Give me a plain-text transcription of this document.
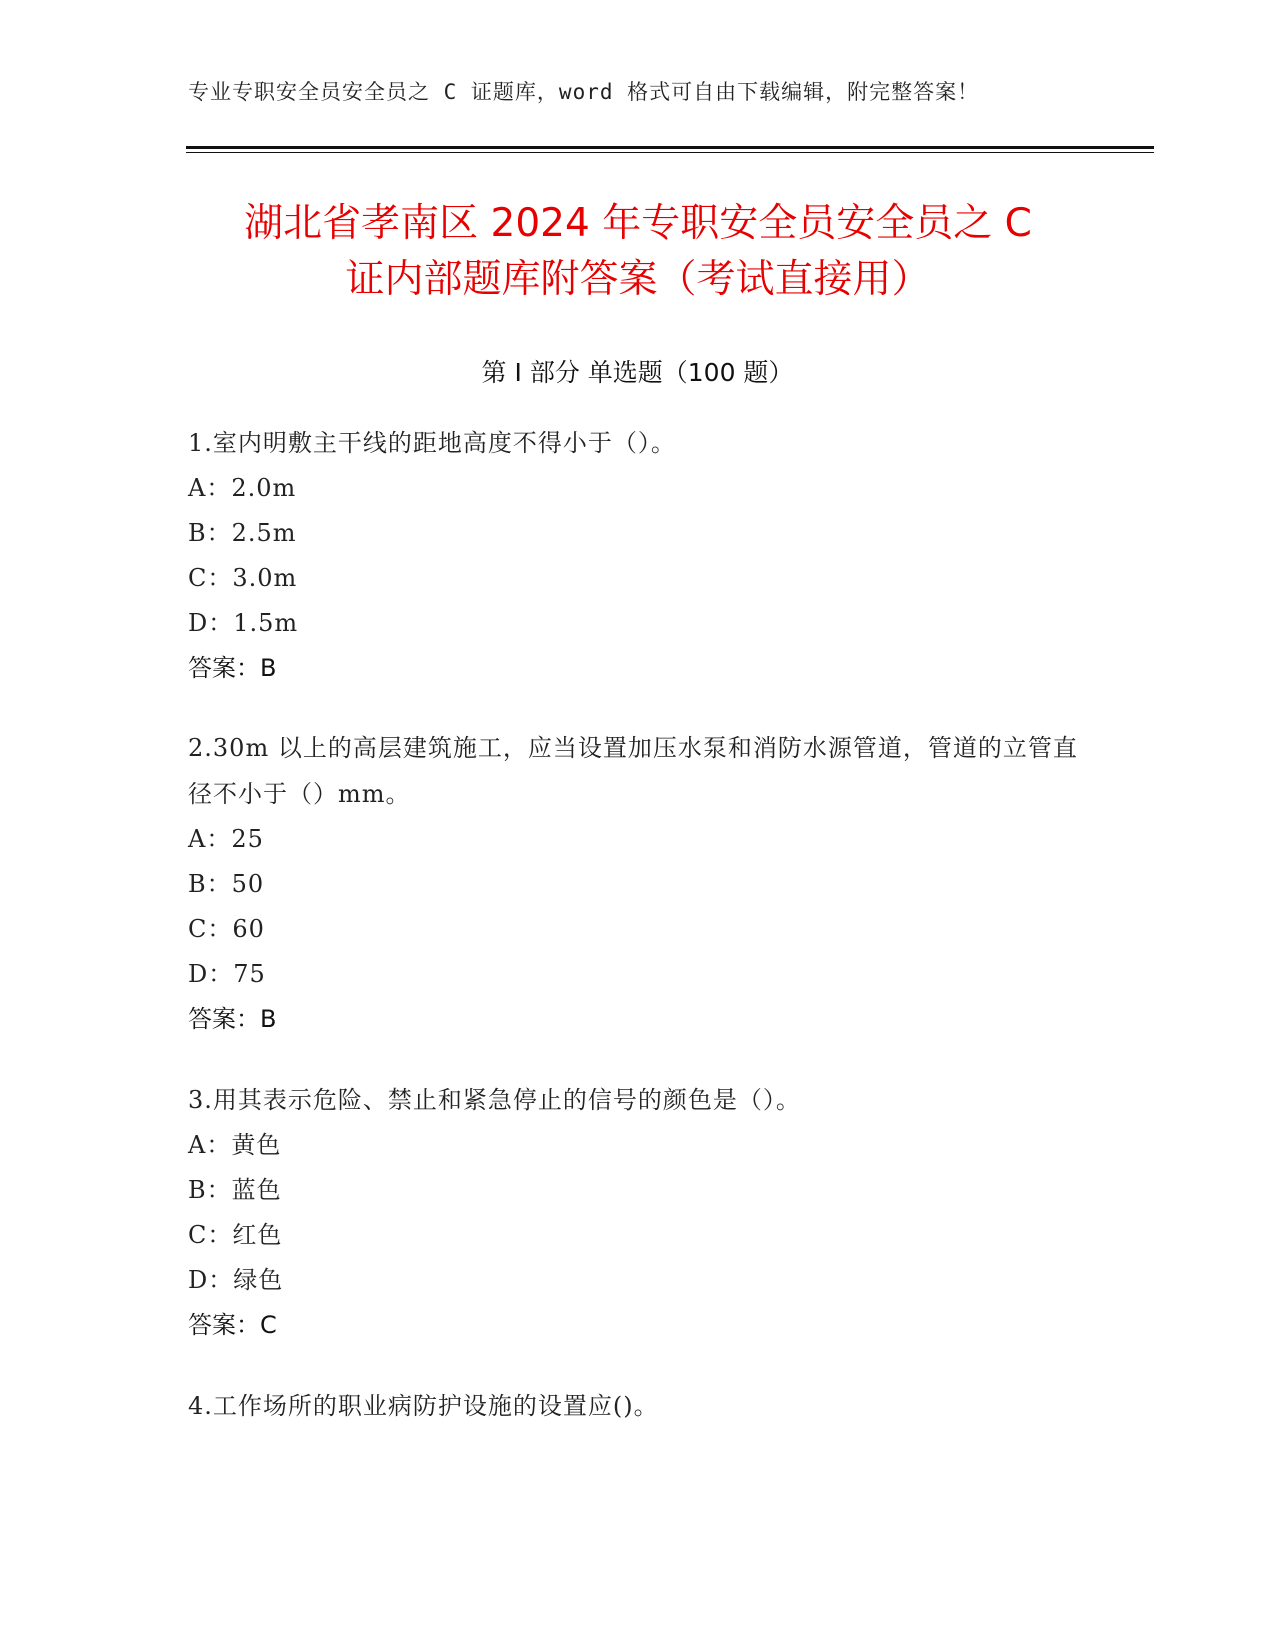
专业专职安全员安全员之 C 证题库，word 格式可自由下载编辑，附完整答案！
湖北省孝南区 2024 年专职安全员安全员之 C
证内部题库附答案（考试直接用）
第 I 部分 单选题（100 题）
1.室内明敷主干线的距地高度不得小于（）。
A：2.0m
B：2.5m
C：3.0m
D：1.5m
答案：B
2.30m 以上的高层建筑施工，应当设置加压水泵和消防水源管道，管道的立管直径不小于（）mm。
A：25
B：50
C：60
D：75
答案：B
3.用其表示危险、禁止和紧急停止的信号的颜色是（）。
A：黄色
B：蓝色
C：红色
D：绿色
答案：C
4.工作场所的职业病防护设施的设置应()。
